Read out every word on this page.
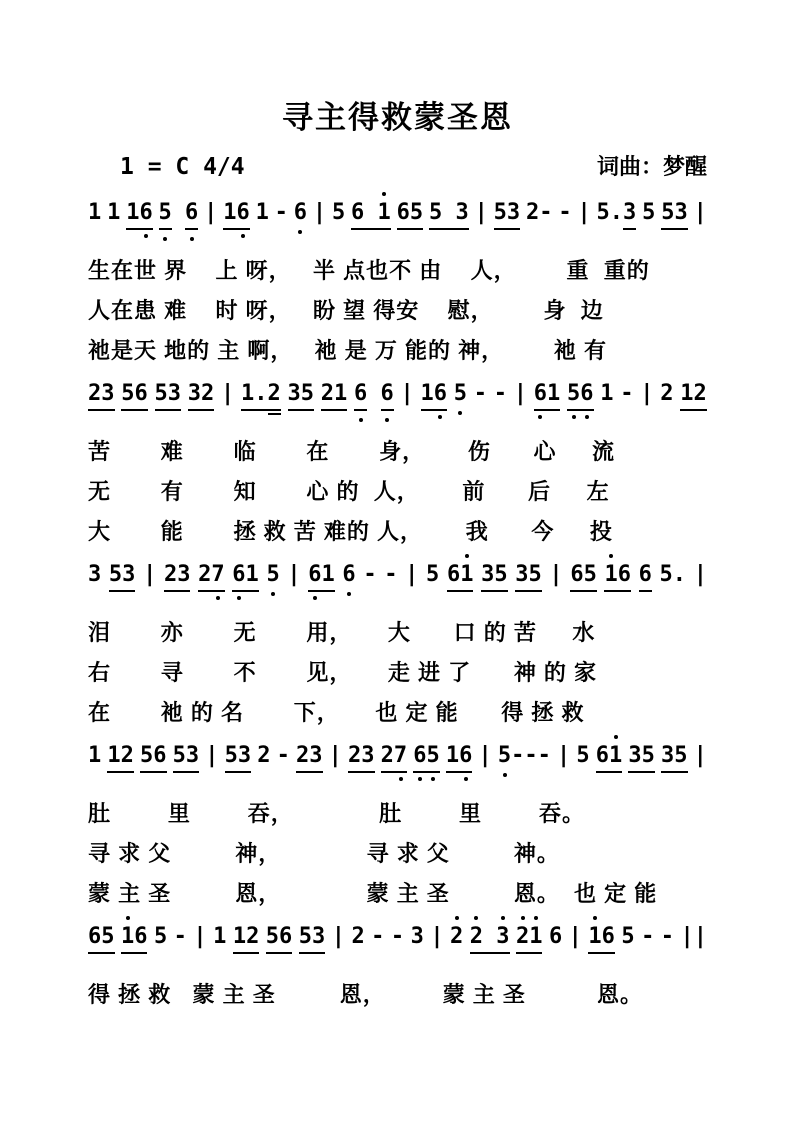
寻主得救蒙圣恩
1 = C 4/4	词曲：梦醒
1 1 16 5 6 | 16 1 - 6 | 5 6 1 65 5 3 | 53 2- - | 5.3 5 53 |
生在世 界    上 呀，   半 点也不 由    人，       重  重的
人在患 难    时 呀，   盼 望 得安    慰，       身  边
祂是天 地的 主 啊，   祂 是 万 能的 神，       祂 有
23 56 53 32 | 1.2 35 21 6 6 | 16 5 - - | 6
1 5
6 1 - | 2 12
苦       难       临       在       身，      伤      心     流
无       有       知       心 的  人，      前      后     左
大       能       拯 救 苦 难的 人，      我      今     投
3 53 | 23 27 6
1 5 | 6
1 6 - - | 5 61 35 35 | 65 1
6 6 5. |
泪       亦       无       用，     大      口 的 苦     水
右       寻       不       见，     走 进 了      神 的 家
在       祂 的 名       下，     也 定 能      得 拯 救
1 12 56 53 | 53 2 - 23 | 23 27 6
5 16 | 5
--- | 5 61 35 35 |
肚        里        吞，            肚        里        吞。
寻 求 父         神，            寻 求 父         神。
蒙 主 圣         恩，            蒙 主 圣         恩。  也 定 能
65 1
6 5 - | 1 12 56 53 | 2 - - 3 | 2 2 3 2
1 6 | 1
6 5 - - ||
得 拯 救   蒙 主 圣         恩，        蒙 主 圣          恩。
